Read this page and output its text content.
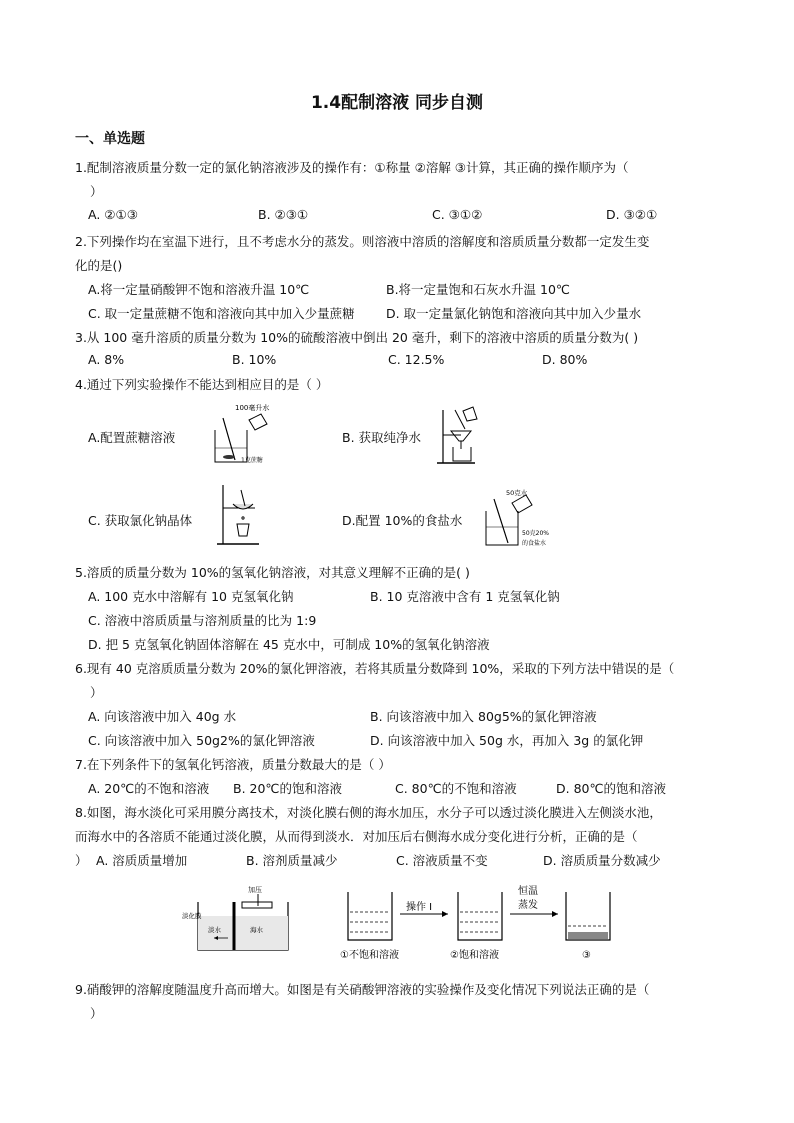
1.4配制溶液 同步自测
一、单选题
1.配制溶液质量分数一定的氯化钠溶液涉及的操作有：①称量 ②溶解 ③计算，其正确的操作顺序为（
）
A. ②①③	B. ②③①	C. ③①②	D. ③②①
2.下列操作均在室温下进行，且不考虑水分的蒸发。则溶液中溶质的溶解度和溶质质量分数都一定发生变
化的是()
A.将一定量硝酸钾不饱和溶液升温 10℃	B.将一定量饱和石灰水升温 10℃
C. 取一定量蔗糖不饱和溶液向其中加入少量蔗糖	D. 取一定量氯化钠饱和溶液向其中加入少量水
3.从 100 毫升溶质的质量分数为 10%的硫酸溶液中倒出 20 毫升，剩下的溶液中溶质的质量分数为( )
A. 8%	B. 10%	C. 12.5%	D. 80%
4.通过下列实验操作不能达到相应目的是（ ）
A.配置蔗糖溶液	B. 获取纯净水
C. 获取氯化钠晶体	D.配置 10%的食盐水
100毫升水
1克蔗糖
50克水
50克20%
的食盐水
5.溶质的质量分数为 10%的氢氧化钠溶液，对其意义理解不正确的是( )
A. 100 克水中溶解有 10 克氢氧化钠	B. 10 克溶液中含有 1 克氢氧化钠
C. 溶液中溶质质量与溶剂质量的比为 1:9
D. 把 5 克氢氧化钠固体溶解在 45 克水中，可制成 10%的氢氧化钠溶液
6.现有 40 克溶质质量分数为 20%的氯化钾溶液，若将其质量分数降到 10%，采取的下列方法中错误的是（
）
A. 向该溶液中加入 40g 水	B. 向该溶液中加入 80g5%的氯化钾溶液
C. 向该溶液中加入 50g2%的氯化钾溶液	D. 向该溶液中加入 50g 水，再加入 3g 的氯化钾
7.在下列条件下的氢氧化钙溶液，质量分数最大的是（ ）
A. 20℃的不饱和溶液 B. 20℃的饱和溶液	C. 80℃的不饱和溶液	D. 80℃的饱和溶液
8.如图，海水淡化可采用膜分离技术，对淡化膜右侧的海水加压，水分子可以透过淡化膜进入左侧淡水池，
而海水中的各溶质不能通过淡化膜，从而得到淡水．对加压后右侧海水成分变化进行分析，正确的是（
） A. 溶质质量增加	B. 溶剂质量减少	C. 溶液质量不变	D. 溶质质量分数减少
加压
淡水	海水
淡化膜
操作 I
恒温
蒸发
①不饱和溶液	②饱和溶液	③
9.硝酸钾的溶解度随温度升高而增大。如图是有关硝酸钾溶液的实验操作及变化情况下列说法正确的是（
）
